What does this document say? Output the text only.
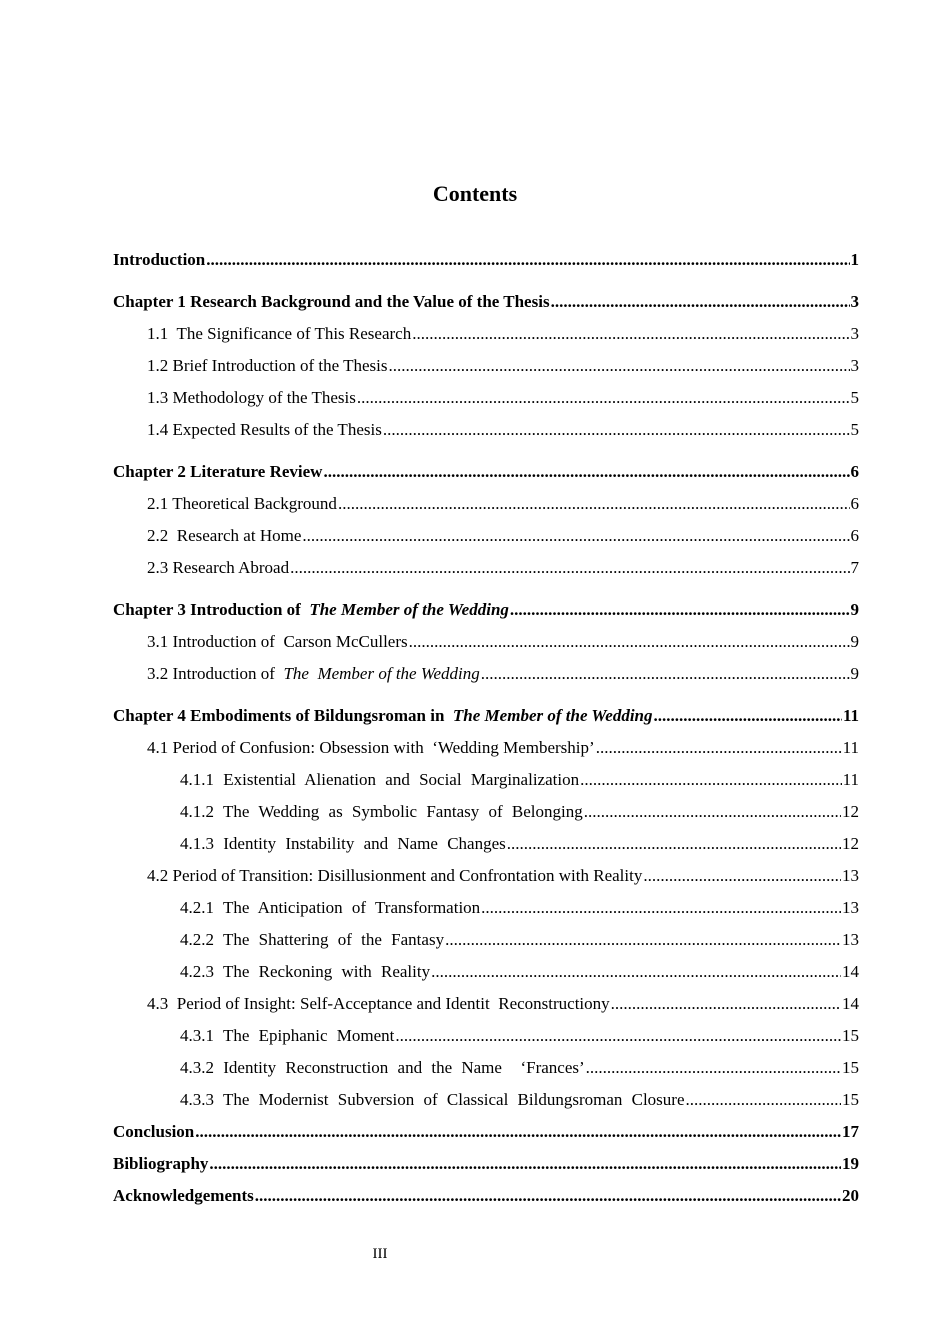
Contents
Introduction .....	1
Chapter 1 Research Background and the Value of the Thesis .....	3
1.1  The Significance of This Research .....	3
1.2 Brief Introduction of the Thesis .....	3
1.3 Methodology of the Thesis .....	5
1.4 Expected Results of the Thesis .....	5
Chapter 2 Literature Review .....	6
2.1 Theoretical Background .....	6
2.2  Research at Home .....	6
2.3 Research Abroad .....	7
Chapter 3 Introduction of  The Member of the Wedding .....	9
3.1 Introduction of  Carson McCullers .....	9
3.2 Introduction of  The  Member of the Wedding .....	9
Chapter 4 Embodiments of Bildungsroman in  The Member of the Wedding .....	11
4.1 Period of Confusion: Obsession with  ‘Wedding Membership’ .....	11
4.1.1 Existential Alienation and Social Marginalization .....	11
4.1.2 The Wedding as Symbolic Fantasy of Belonging .....	12
4.1.3 Identity Instability and Name Changes .....	12
4.2 Period of Transition: Disillusionment and Confrontation with Reality .....	13
4.2.1 The Anticipation of Transformation .....	13
4.2.2 The Shattering of the Fantasy .....	13
4.2.3 The Reckoning with Reality .....	14
4.3  Period of Insight: Self-Acceptance and Identit  Reconstructiony .....	14
4.3.1 The Epiphanic Moment .....	15
4.3.2 Identity Reconstruction and the Name  ‘Frances’ .....	15
4.3.3 The Modernist Subversion of Classical Bildungsroman Closure .....	15
Conclusion .....	17
Bibliography .....	19
Acknowledgements .....	20
III
